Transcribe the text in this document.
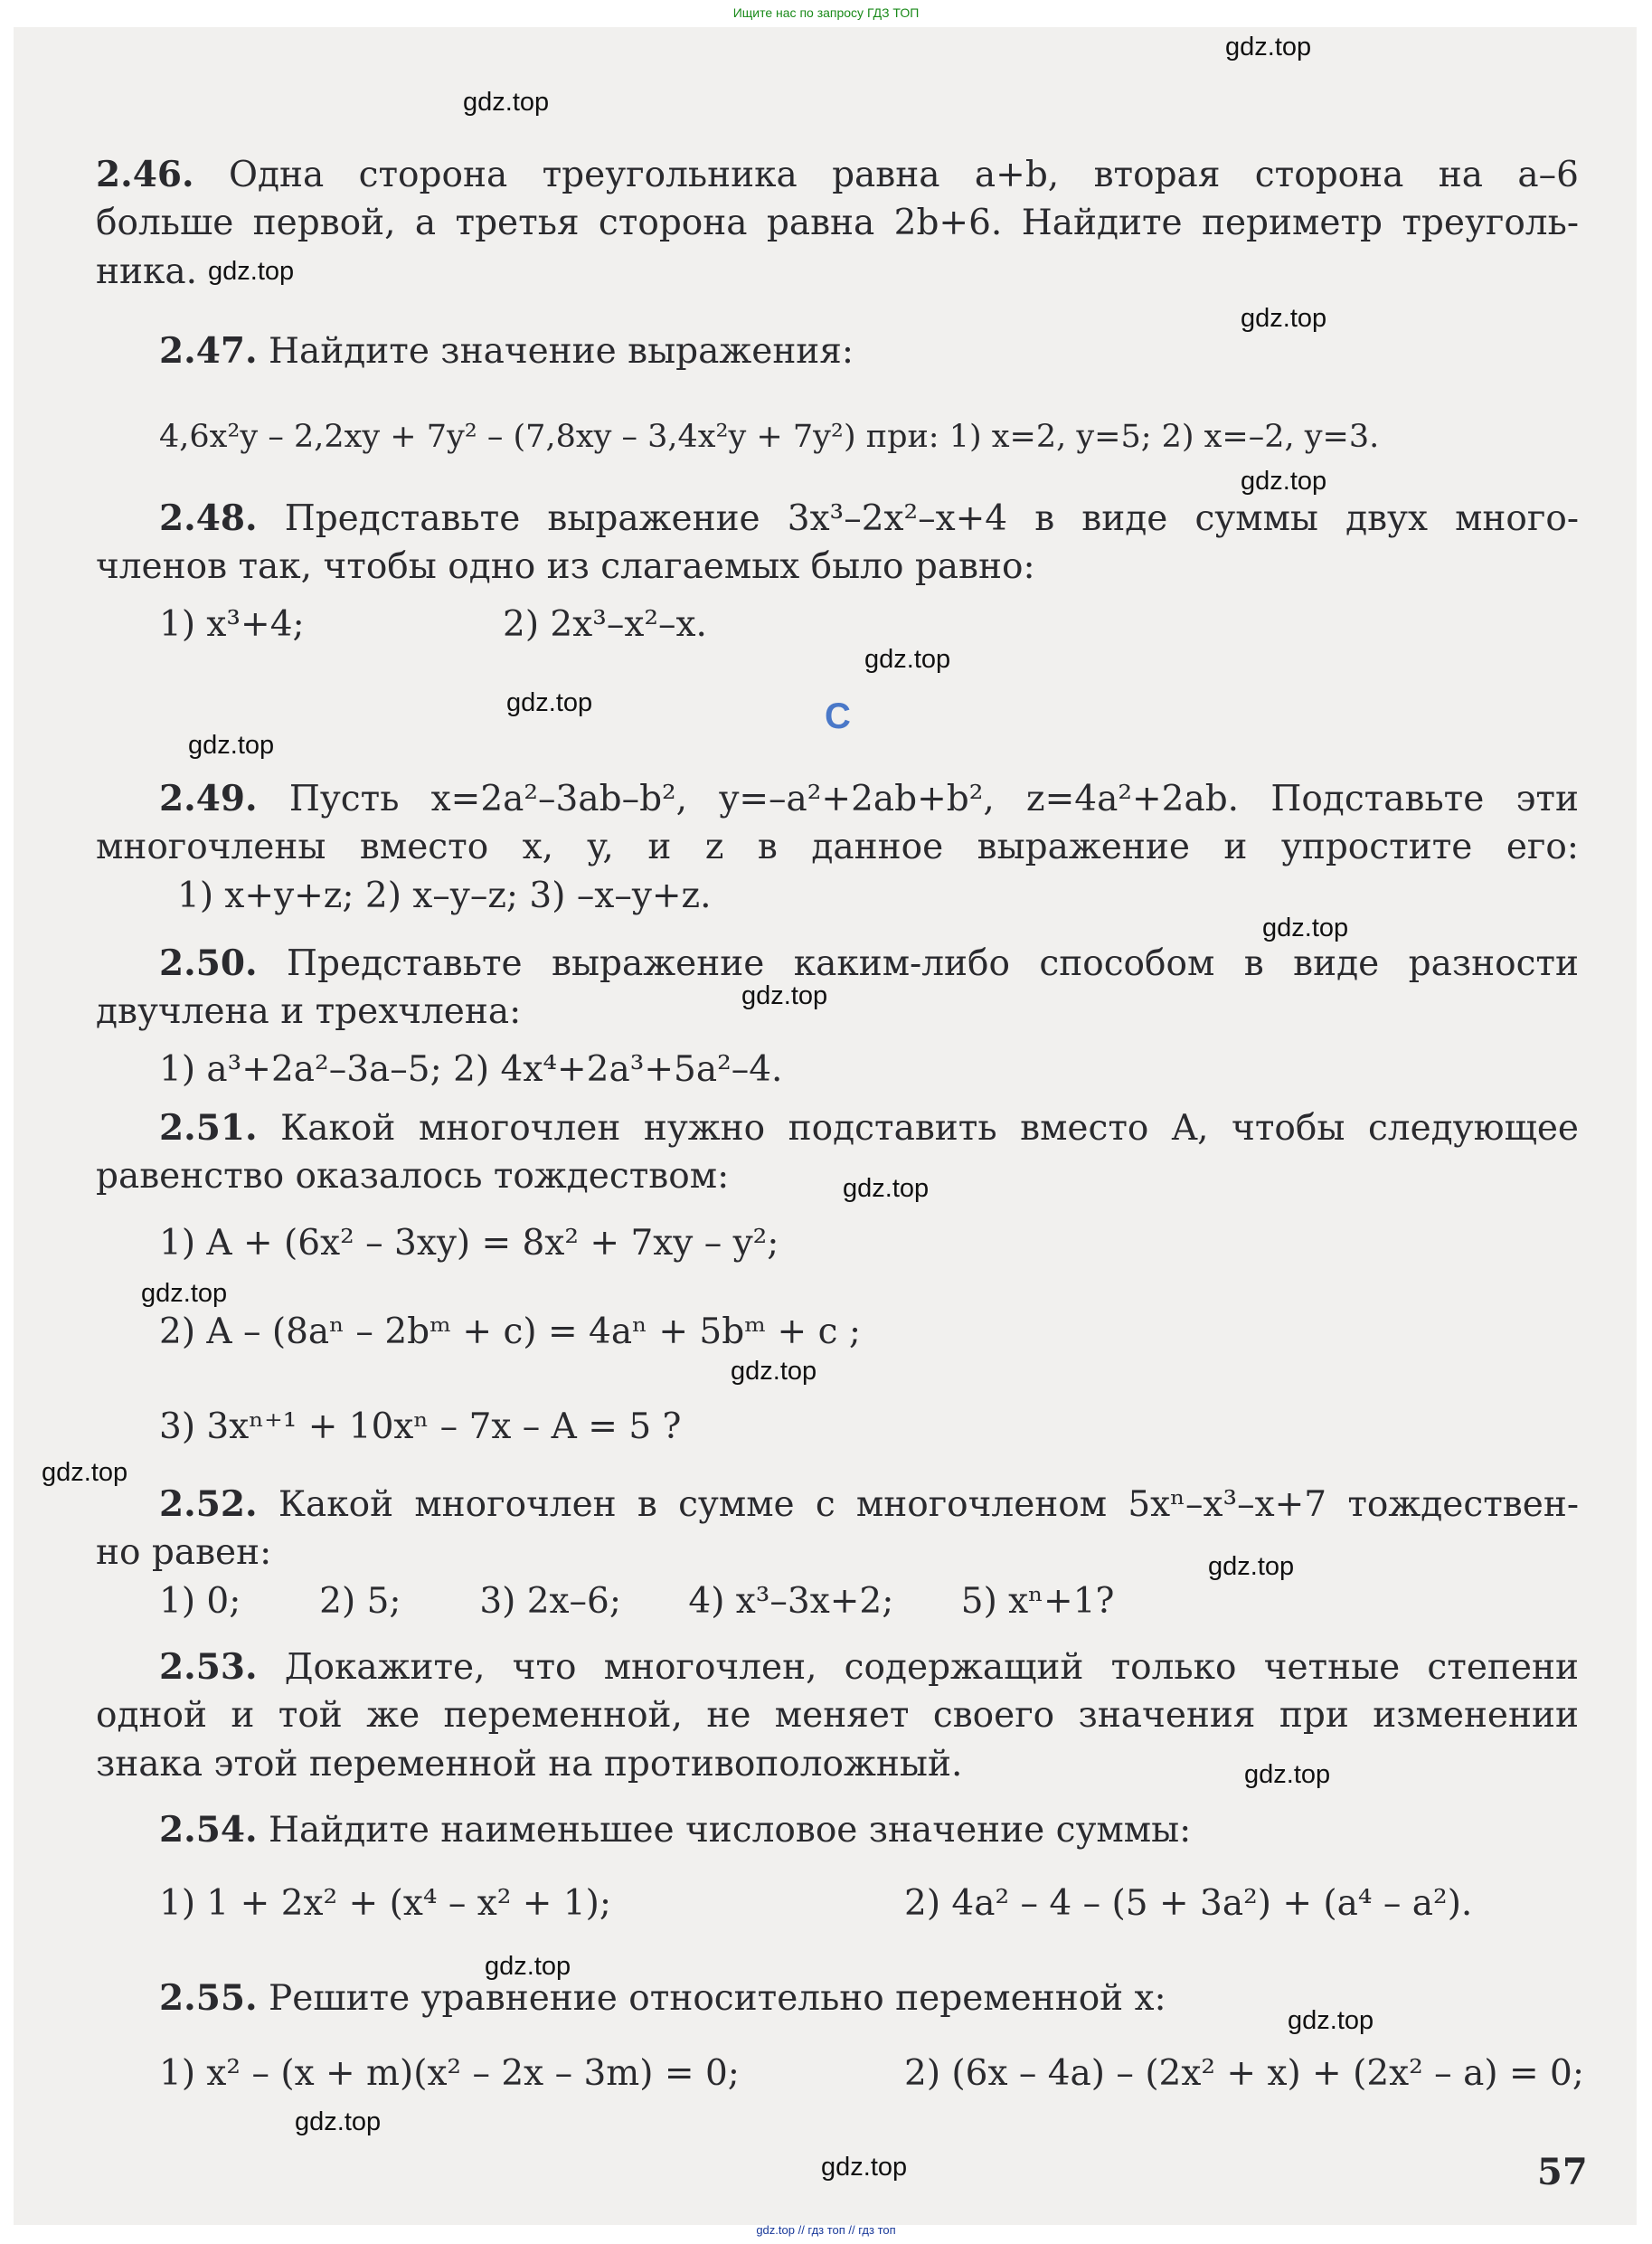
Ищите нас по запросу ГДЗ ТОП
2.46. Одна сторона треугольника равна a+b, вторая сторона на a–6
больше первой, а третья сторона равна 2b+6. Найдите периметр треуголь-
ника.
2.47. Найдите значение выражения:
4,6x²y – 2,2xy + 7y² – (7,8xy – 3,4x²y + 7y²) при: 1) x=2, y=5; 2) x=–2, y=3.
2.48. Представьте выражение 3x³–2x²–x+4 в виде суммы двух много-
членов так, чтобы одно из слагаемых было равно:
1) x³+4;	2) 2x³–x²–x.
C
2.49. Пусть x=2a²–3ab–b², y=–a²+2ab+b², z=4a²+2ab. Подставьте эти
многочлены вместо x, y, и z в данное выражение и упростите его:
1) x+y+z; 2) x–y–z; 3) –x–y+z.
2.50. Представьте выражение каким-либо способом в виде разности
двучлена и трехчлена:
1) a³+2a²–3a–5; 2) 4x⁴+2a³+5a²–4.
2.51. Какой многочлен нужно подставить вместо A, чтобы следующее
равенство оказалось тождеством:
1) A + (6x² – 3xy) = 8x² + 7xy – y²;
2) A – (8aⁿ – 2bᵐ + c) = 4aⁿ + 5bᵐ + c ;
3) 3xⁿ⁺¹ + 10xⁿ – 7x – A = 5 ?
2.52. Какой многочлен в сумме с многочленом 5xⁿ–x³–x+7 тождествен-
но равен:
1) 0;       2) 5;       3) 2x–6;      4) x³–3x+2;      5) xⁿ+1?
2.53. Докажите, что многочлен, содержащий только четные степени
одной и той же переменной, не меняет своего значения при изменении
знака этой переменной на противоположный.
2.54. Найдите наименьшее числовое значение суммы:
1) 1 + 2x² + (x⁴ – x² + 1);	2) 4a² – 4 – (5 + 3a²) + (a⁴ – a²).
2.55. Решите уравнение относительно переменной x:
1) x² – (x + m)(x² – 2x – 3m) = 0;	2) (6x – 4a) – (2x² + x) + (2x² – a) = 0;
57
gdz.top
gdz.top
gdz.top
gdz.top
gdz.top
gdz.top
gdz.top
gdz.top
gdz.top
gdz.top
gdz.top
gdz.top
gdz.top
gdz.top
gdz.top
gdz.top
gdz.top
gdz.top
gdz.top
gdz.top
gdz.top // гдз топ // гдз топ
